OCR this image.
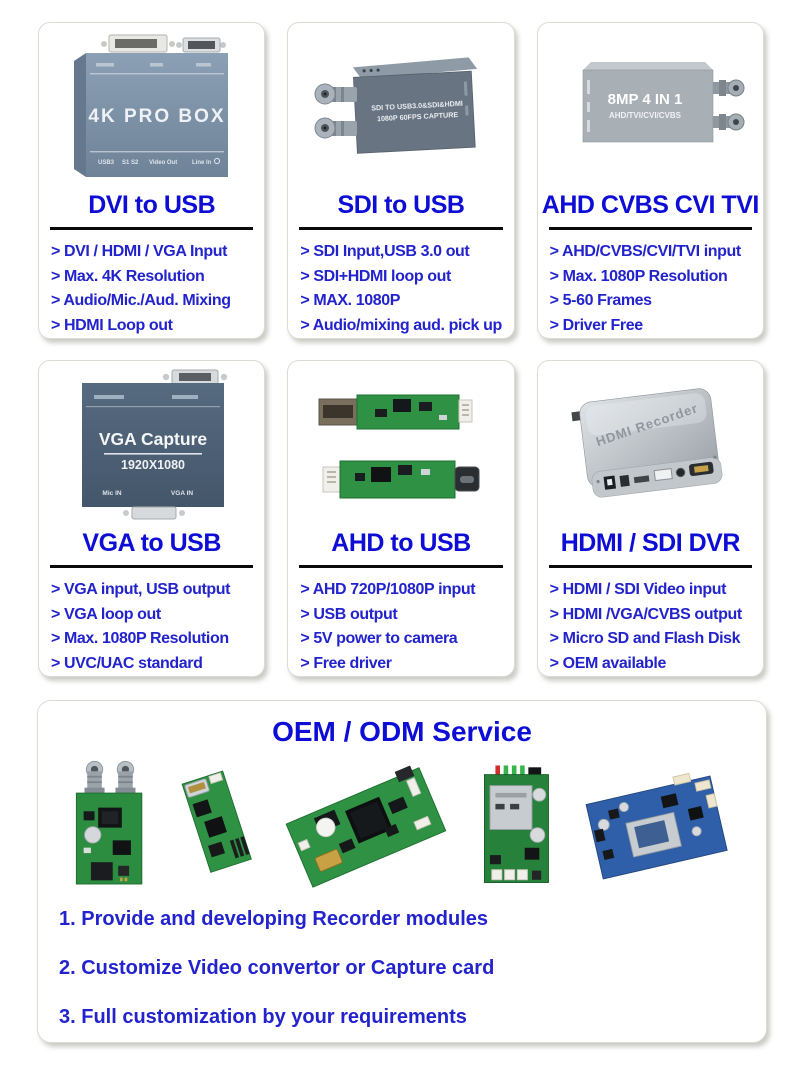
4K PRO BOX
USB3 S1 S2 Video Out Line In
DVI to USB
> DVI / HDMI / VGA Input
> Max. 4K Resolution
> Audio/Mic./Aud. Mixing
> HDMI Loop out
SDI TO USB3.0&SDI&HDMI
1080P 60FPS CAPTURE
SDI to USB
> SDI Input,USB 3.0 out
> SDI+HDMI loop out
> MAX. 1080P
> Audio/mixing aud. pick up
8MP 4 IN 1
AHD/TVI/CVI/CVBS
AHD CVBS CVI TVI
> AHD/CVBS/CVI/TVI input
> Max. 1080P Resolution
> 5-60 Frames
> Driver Free
VGA Capture
1920X1080
Mic IN	VGA IN
VGA to USB
> VGA input, USB output
> VGA loop out
> Max. 1080P Resolution
> UVC/UAC standard
AHD to USB
> AHD 720P/1080P input
> USB output
> 5V power to camera
> Free driver
HDMI Recorder
HDMI / SDI DVR
> HDMI / SDI Video input
> HDMI /VGA/CVBS output
> Micro SD and Flash Disk
> OEM available
OEM / ODM Service
1. Provide and developing Recorder modules
2. Customize Video convertor or Capture card
3. Full customization by your requirements
